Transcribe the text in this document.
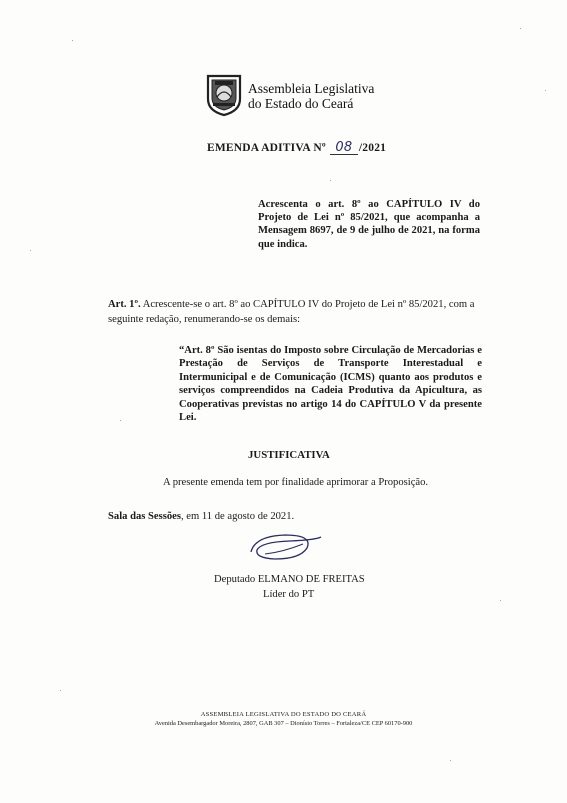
Assembleia Legislativa
do Estado do Ceará
EMENDA ADITIVA Nº 08 /2021
Acrescenta o art. 8º ao CAPÍTULO IV do Projeto de Lei nº 85/2021, que acompanha a Mensagem 8697, de 9 de julho de 2021, na forma que indica.
Art. 1º. Acrescente-se o art. 8º ao CAPÍTULO IV do Projeto de Lei nº 85/2021, com a seguinte redação, renumerando-se os demais:
“Art. 8º São isentas do Imposto sobre Circulação de Mercadorias e Prestação de Serviços de Transporte Interestadual e Intermunicipal e de Comunicação (ICMS) quanto aos produtos e serviços compreendidos na Cadeia Produtiva da Apicultura, as Cooperativas previstas no artigo 14 do CAPÍTULO V da presente Lei.
JUSTIFICATIVA
A presente emenda tem por finalidade aprimorar a Proposição.
Sala das Sessões, em 11 de agosto de 2021.
Deputado ELMANO DE FREITAS
Líder do PT
ASSEMBLEIA LEGISLATIVA DO ESTADO DO CEARÁ
Avenida Desembargador Moreira, 2807, GAB 307 – Dionísio Torres – Fortaleza/CE CEP 60170-900
